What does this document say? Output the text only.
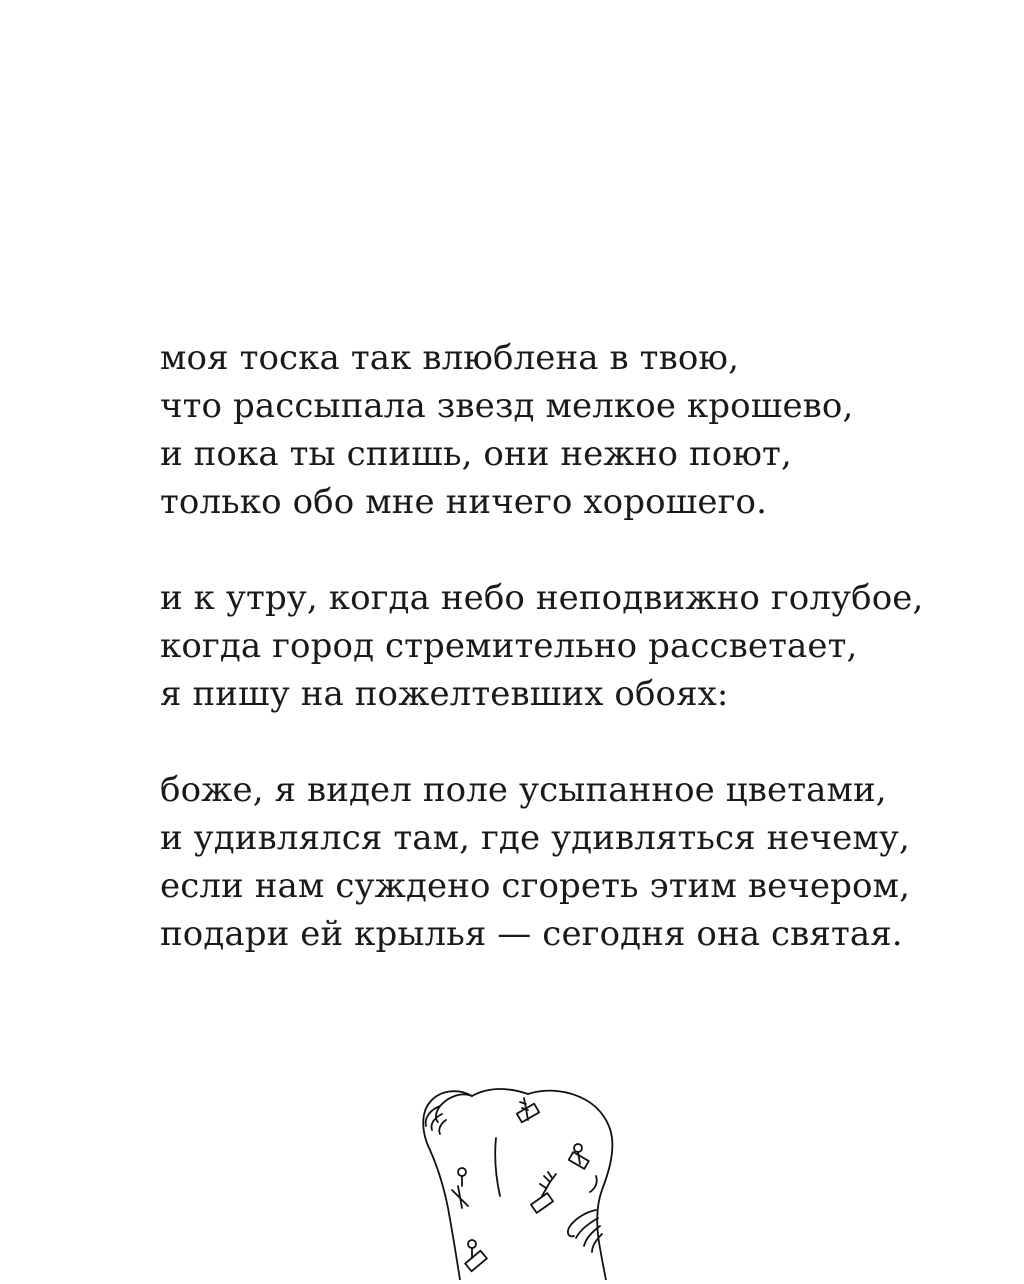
моя тоска так влюблена в твою,
что рассыпала звезд мелкое крошево,
и пока ты спишь, они нежно поют,
только обо мне ничего хорошего.
и к утру, когда небо неподвижно голубое,
когда город стремительно рассветает,
я пишу на пожелтевших обоях:
боже, я видел поле усыпанное цветами,
и удивлялся там, где удивляться нечему,
если нам суждено сгореть этим вечером,
подари ей крылья — сегодня она святая.
